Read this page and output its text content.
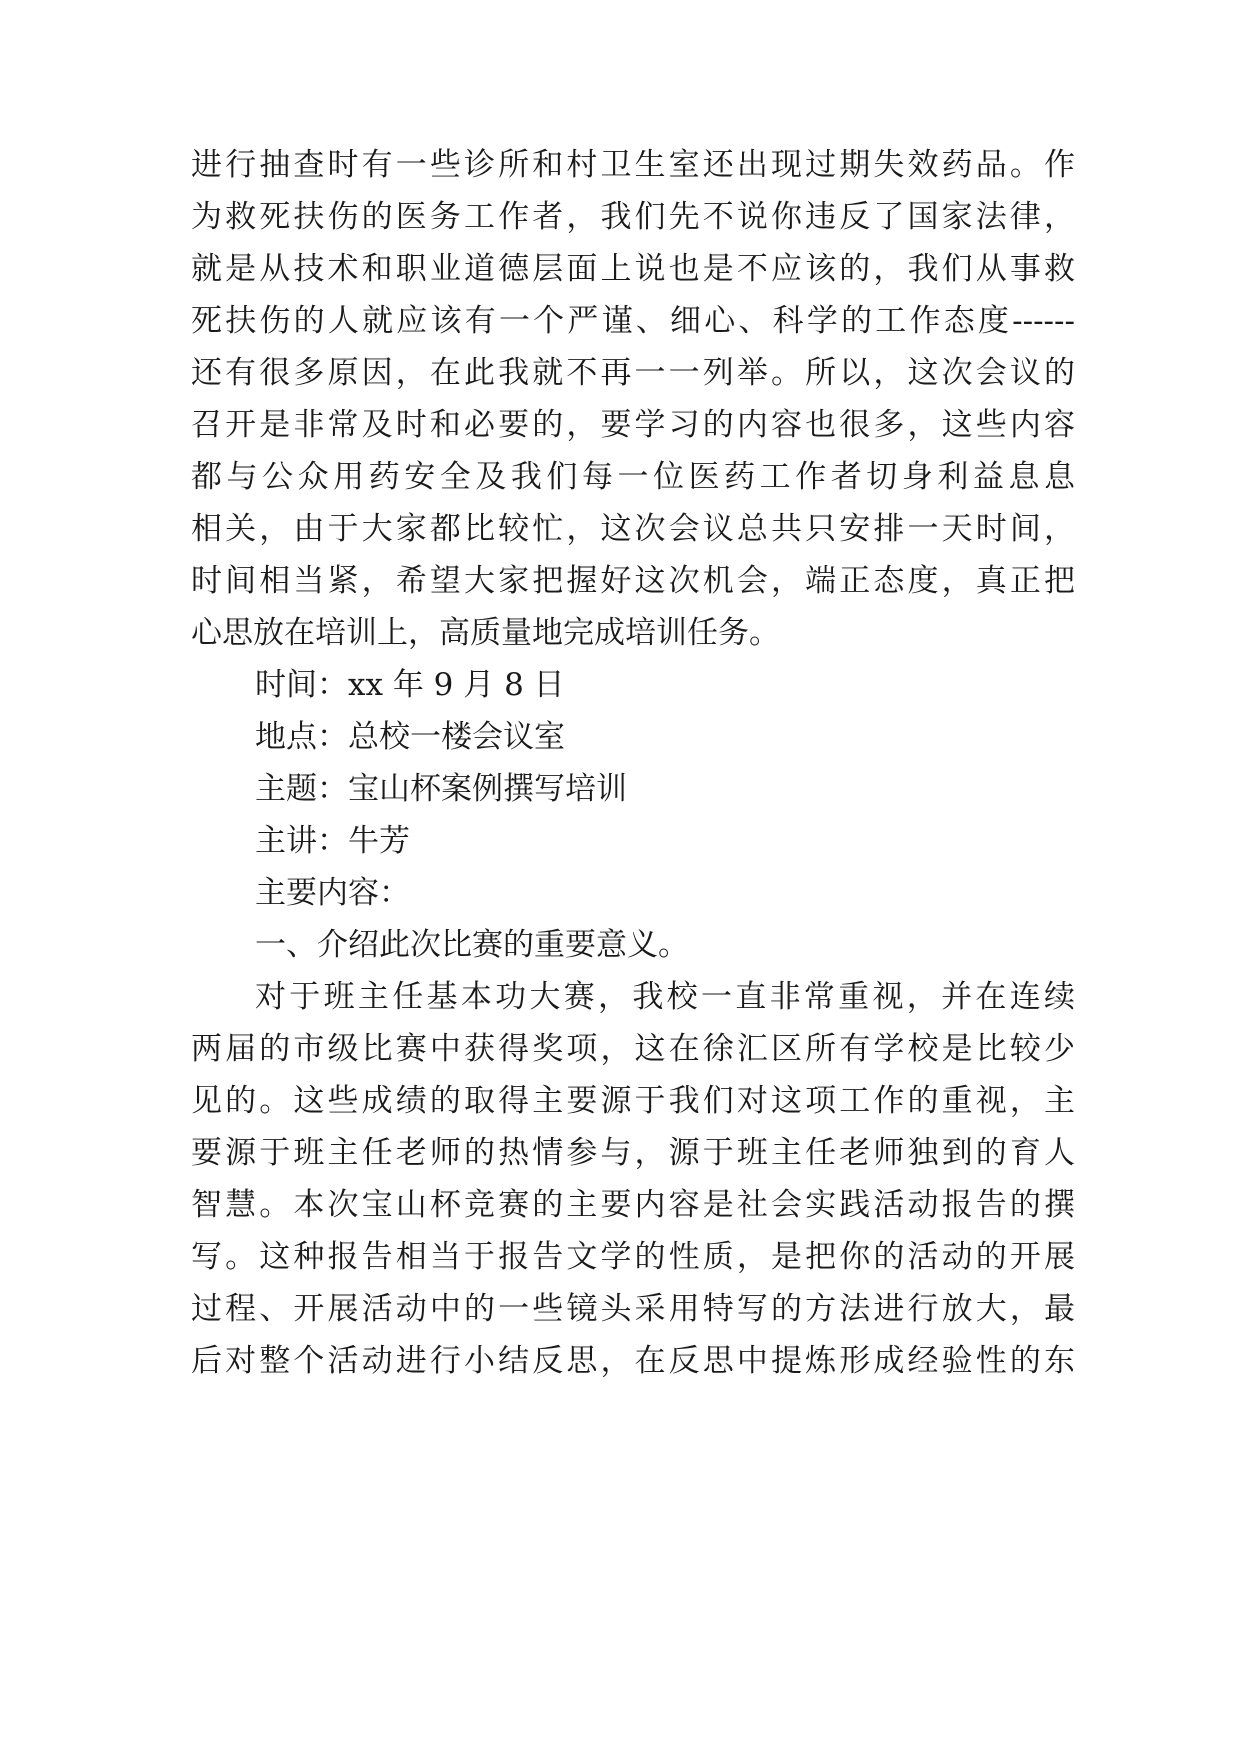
进行抽查时有一些诊所和村卫生室还出现过期失效药品。作
为救死扶伤的医务工作者，我们先不说你违反了国家法律，
就是从技术和职业道德层面上说也是不应该的，我们从事救
死扶伤的人就应该有一个严谨、细心、科学的工作态度------
还有很多原因，在此我就不再一一列举。所以，这次会议的
召开是非常及时和必要的，要学习的内容也很多，这些内容
都与公众用药安全及我们每一位医药工作者切身利益息息
相关，由于大家都比较忙，这次会议总共只安排一天时间，
时间相当紧，希望大家把握好这次机会，端正态度，真正把
心思放在培训上，高质量地完成培训任务。
时间：xx 年 9 月 8 日
地点：总校一楼会议室
主题：宝山杯案例撰写培训
主讲：牛芳
主要内容：
一、介绍此次比赛的重要意义。
对于班主任基本功大赛，我校一直非常重视，并在连续
两届的市级比赛中获得奖项，这在徐汇区所有学校是比较少
见的。这些成绩的取得主要源于我们对这项工作的重视，主
要源于班主任老师的热情参与，源于班主任老师独到的育人
智慧。本次宝山杯竞赛的主要内容是社会实践活动报告的撰
写。这种报告相当于报告文学的性质，是把你的活动的开展
过程、开展活动中的一些镜头采用特写的方法进行放大，最
后对整个活动进行小结反思，在反思中提炼形成经验性的东
